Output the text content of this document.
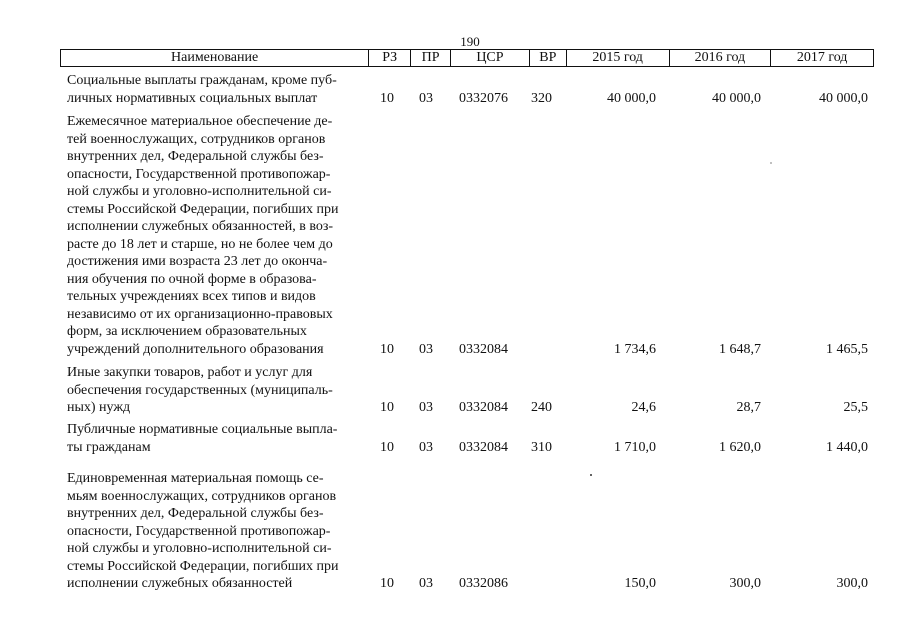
190
Наименование	РЗ	ПР	ЦСР	ВР	2015 год	2016 год	2017 год
Социальные выплаты гражданам, кроме пуб-
личных нормативных социальных выплат	10 03 0332076 320	40 000,0	40 000,0	40 000,0
Ежемесячное материальное обеспечение де-
тей военнослужащих, сотрудников органов
внутренних дел, Федеральной службы без-
опасности, Государственной противопожар-
ной службы и уголовно-исполнительной си-
стемы Российской Федерации, погибших при
исполнении служебных обязанностей, в воз-
расте до 18 лет и старше, но не более чем до
достижения ими возраста 23 лет до оконча-
ния обучения по очной форме в образова-
тельных учреждениях всех типов и видов
независимо от их организационно-правовых
форм, за исключением образовательных
учреждений дополнительного образования	10 03 0332084	1 734,6	1 648,7	1 465,5
Иные закупки товаров, работ и услуг для
обеспечения государственных (муниципаль-
ных) нужд	10 03 0332084 240	24,6	28,7	25,5
Публичные нормативные социальные выпла-
ты гражданам	10 03 0332084 310	1 710,0	1 620,0	1 440,0
Единовременная материальная помощь се-
мьям военнослужащих, сотрудников органов
внутренних дел, Федеральной службы без-
опасности, Государственной противопожар-
ной службы и уголовно-исполнительной си-
стемы Российской Федерации, погибших при
исполнении служебных обязанностей	10 03 0332086	150,0	300,0	300,0
